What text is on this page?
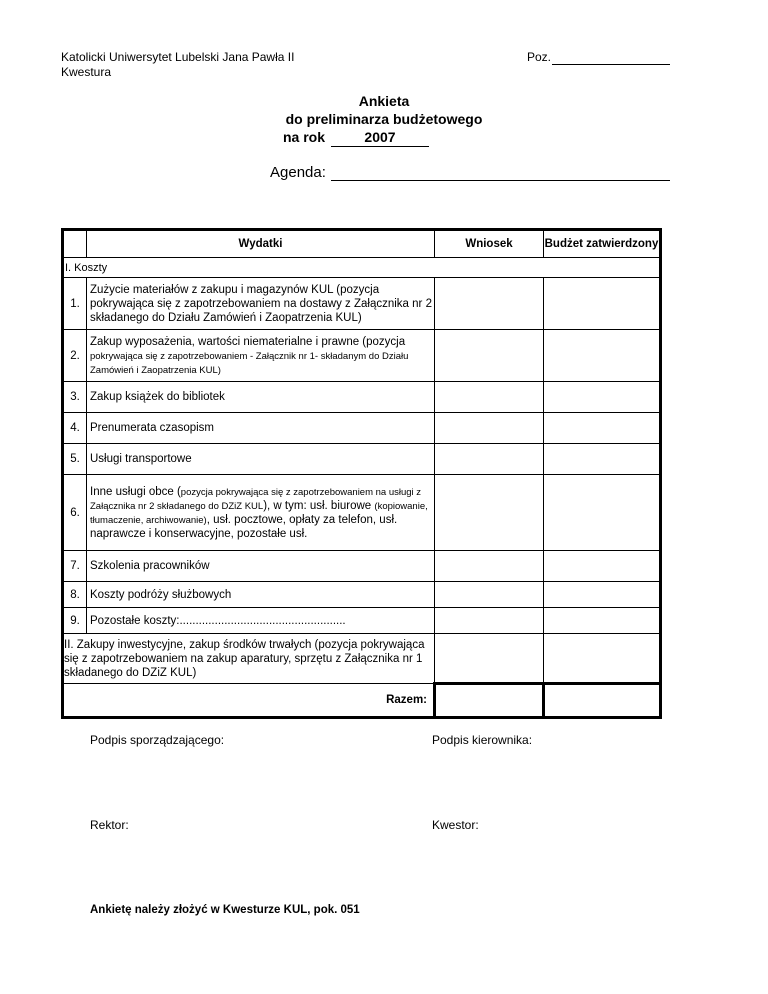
Katolicki Uniwersytet Lubelski Jana Pawła II
Kwestura
Poz.
Ankieta
do preliminarza budżetowego
na rok	2007
Agenda:
	Wydatki	Wniosek	Budżet zatwierdzony
I. Koszty			
1.	Zużycie materiałów z zakupu i magazynów KUL (pozycja pokrywająca się z zapotrzebowaniem na dostawy z Załącznika nr 2 składanego do Działu Zamówień i Zaopatrzenia KUL)		
2.	Zakup wyposażenia, wartości niematerialne i prawne (pozycja pokrywająca się z zapotrzebowaniem - Załącznik nr 1- składanym do Działu Zamówień i Zaopatrzenia KUL)		
3.	Zakup książek do bibliotek		
4.	Prenumerata czasopism		
5.	Usługi transportowe		
6.	Inne usługi obce (pozycja pokrywająca się z zapotrzebowaniem na usługi z Załącznika nr 2 składanego do DZiZ KUL), w tym: usł. biurowe (kopiowanie, tłumaczenie, archiwowanie), usł. pocztowe, opłaty za telefon, usł. naprawcze i konserwacyjne, pozostałe usł.		
7.	Szkolenia pracowników		
8.	Koszty podróży służbowych		
9.	Pozostałe koszty:....................................................		
II. Zakupy inwestycyjne, zakup środków trwałych (pozycja pokrywająca się z zapotrzebowaniem na zakup aparatury, sprzętu z Załącznika nr 1 składanego do DZiZ KUL)			
Razem:			
Podpis sporządzającego:	Podpis kierownika:
Rektor:	Kwestor:
Ankietę należy złożyć w Kwesturze KUL, pok. 051
